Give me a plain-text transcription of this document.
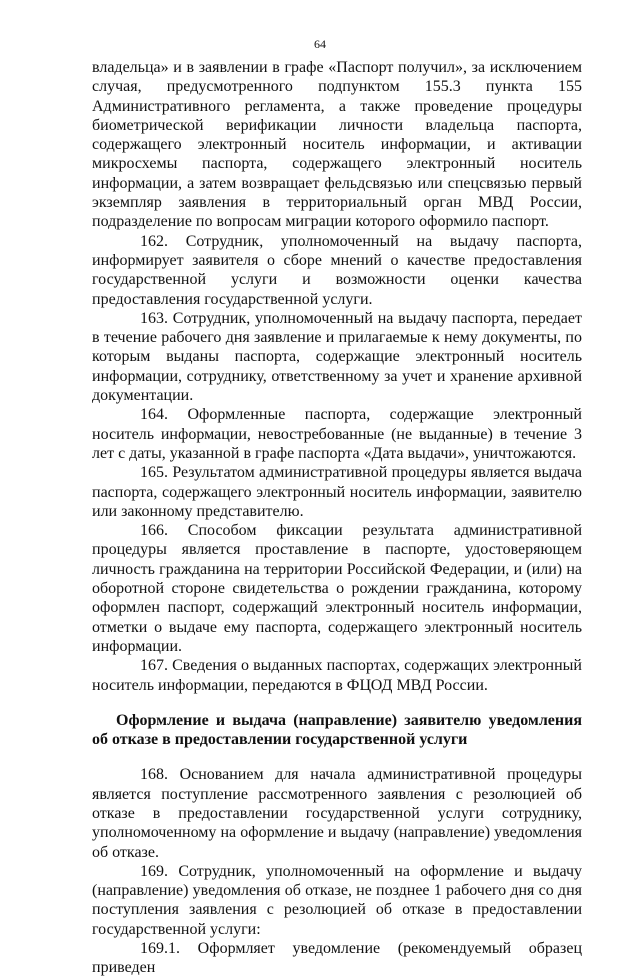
64

владельца» и в заявлении в графе «Паспорт получил», за исключением случая, предусмотренного подпунктом 155.3 пункта 155 Административного регламента, а также проведение процедуры биометрической верификации личности владельца паспорта, содержащего электронный носитель информации, и активации микросхемы паспорта, содержащего электронный носитель информации, а затем возвращает фельдсвязью или спецсвязью первый экземпляр заявления в территориальный орган МВД России, подразделение по вопросам миграции которого оформило паспорт.

162. Сотрудник, уполномоченный на выдачу паспорта, информирует заявителя о сборе мнений о качестве предоставления государственной услуги и возможности оценки качества предоставления государственной услуги.

163. Сотрудник, уполномоченный на выдачу паспорта, передает в течение рабочего дня заявление и прилагаемые к нему документы, по которым выданы паспорта, содержащие электронный носитель информации, сотруднику, ответственному за учет и хранение архивной документации.

164. Оформленные паспорта, содержащие электронный носитель информации, невостребованные (не выданные) в течение 3 лет с даты, указанной в графе паспорта «Дата выдачи», уничтожаются.

165. Результатом административной процедуры является выдача паспорта, содержащего электронный носитель информации, заявителю или законному представителю.

166. Способом фиксации результата административной процедуры является проставление в паспорте, удостоверяющем личность гражданина на территории Российской Федерации, и (или) на оборотной стороне свидетельства о рождении гражданина, которому оформлен паспорт, содержащий электронный носитель информации, отметки о выдаче ему паспорта, содержащего электронный носитель информации.

167. Сведения о выданных паспортах, содержащих электронный носитель информации, передаются в ФЦОД МВД России.

Оформление и выдача (направление) заявителю уведомления об отказе в предоставлении государственной услуги

168. Основанием для начала административной процедуры является поступление рассмотренного заявления с резолюцией об отказе в предоставлении государственной услуги сотруднику, уполномоченному на оформление и выдачу (направление) уведомления об отказе.

169. Сотрудник, уполномоченный на оформление и выдачу (направление) уведомления об отказе, не позднее 1 рабочего дня со дня поступления заявления с резолюцией об отказе в предоставлении государственной услуги:

169.1. Оформляет уведомление (рекомендуемый образец приведен
